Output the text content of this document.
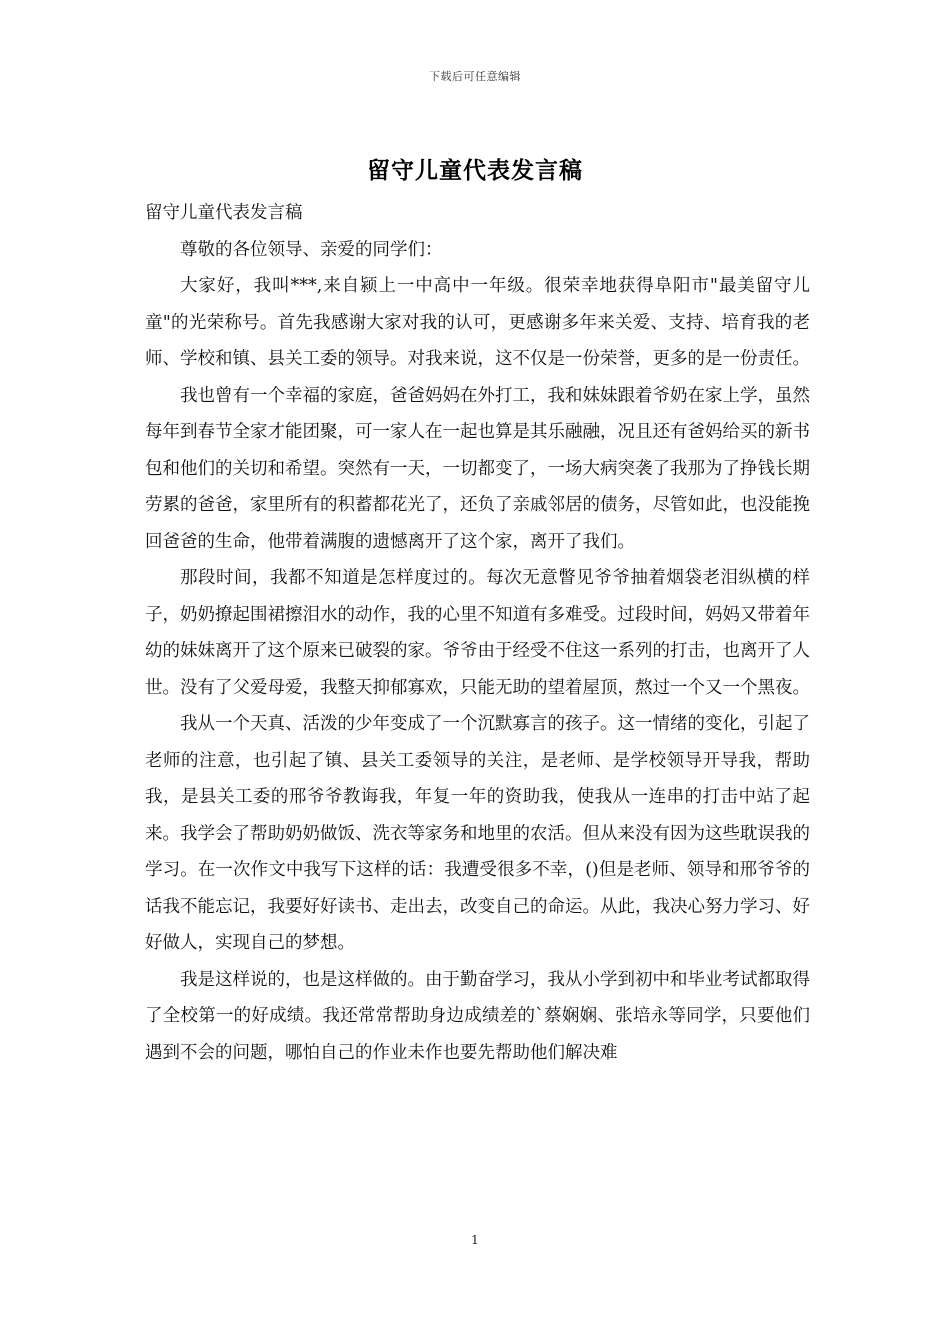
下载后可任意编辑
留守儿童代表发言稿

留守儿童代表发言稿

尊敬的各位领导、亲爱的同学们：

大家好，我叫***,来自颍上一中高中一年级。很荣幸地获得阜阳市"最美留守儿童"的光荣称号。首先我感谢大家对我的认可，更感谢多年来关爱、支持、培育我的老师、学校和镇、县关工委的领导。对我来说，这不仅是一份荣誉，更多的是一份责任。

我也曾有一个幸福的家庭，爸爸妈妈在外打工，我和妹妹跟着爷奶在家上学，虽然每年到春节全家才能团聚，可一家人在一起也算是其乐融融，况且还有爸妈给买的新书包和他们的关切和希望。突然有一天，一切都变了，一场大病突袭了我那为了挣钱长期劳累的爸爸，家里所有的积蓄都花光了，还负了亲戚邻居的债务，尽管如此，也没能挽回爸爸的生命，他带着满腹的遗憾离开了这个家，离开了我们。

那段时间，我都不知道是怎样度过的。每次无意瞥见爷爷抽着烟袋老泪纵横的样子，奶奶撩起围裙擦泪水的动作，我的心里不知道有多难受。过段时间，妈妈又带着年幼的妹妹离开了这个原来已破裂的家。爷爷由于经受不住这一系列的打击，也离开了人世。没有了父爱母爱，我整天抑郁寡欢，只能无助的望着屋顶，熬过一个又一个黑夜。

我从一个天真、活泼的少年变成了一个沉默寡言的孩子。这一情绪的变化，引起了老师的注意，也引起了镇、县关工委领导的关注，是老师、是学校领导开导我，帮助我，是县关工委的邢爷爷教诲我，年复一年的资助我，使我从一连串的打击中站了起来。我学会了帮助奶奶做饭、洗衣等家务和地里的农活。但从来没有因为这些耽误我的学习。在一次作文中我写下这样的话：我遭受很多不幸，()但是老师、领导和邢爷爷的话我不能忘记，我要好好读书、走出去，改变自己的命运。从此，我决心努力学习、好好做人，实现自己的梦想。

我是这样说的，也是这样做的。由于勤奋学习，我从小学到初中和毕业考试都取得了全校第一的好成绩。我还常常帮助身边成绩差的`蔡娴娴、张培永等同学，只要他们遇到不会的问题，哪怕自己的作业未作也要先帮助他们解决难

1
